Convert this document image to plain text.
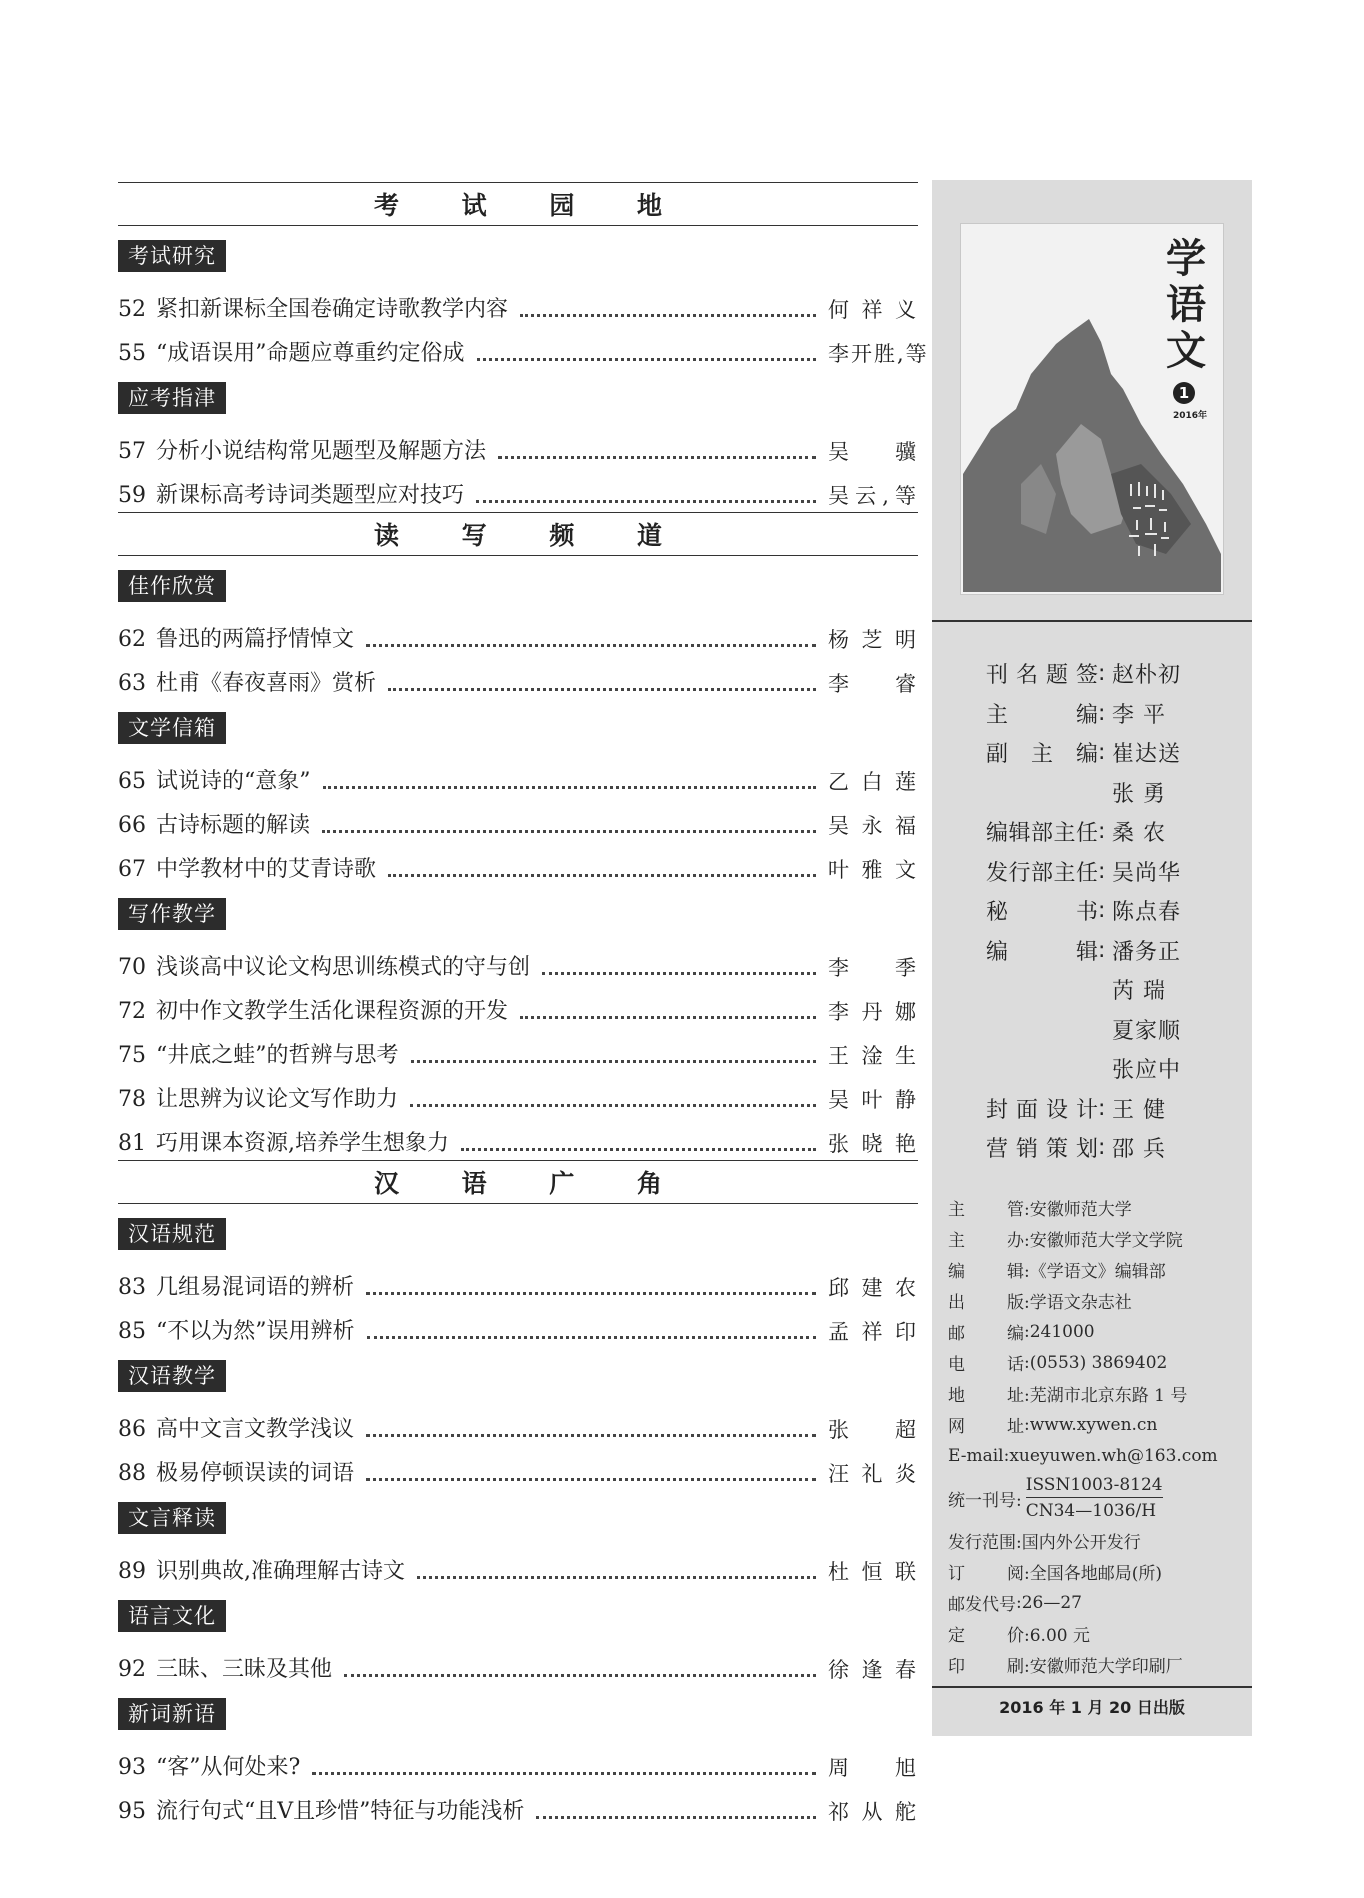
考 试 园 地
考试研究
52 紧扣新课标全国卷确定诗歌教学内容	何祥义
55 “成语误用”命题应尊重约定俗成	李开胜,等
应考指津
57 分析小说结构常见题型及解题方法	吴 骥
59 新课标高考诗词类题型应对技巧	吴云,等
读 写 频 道
佳作欣赏
62 鲁迅的两篇抒情悼文	杨芝明
63 杜甫《春夜喜雨》赏析	李 睿
文学信箱
65 试说诗的“意象”	乙白莲
66 古诗标题的解读	吴永福
67 中学教材中的艾青诗歌	叶雅文
写作教学
70 浅谈高中议论文构思训练模式的守与创	李 季
72 初中作文教学生活化课程资源的开发	李丹娜
75 “井底之蛙”的哲辨与思考	王淦生
78 让思辨为议论文写作助力	吴叶静
81 巧用课本资源,培养学生想象力	张晓艳
汉 语 广 角
汉语规范
83 几组易混词语的辨析	邱建农
85 “不以为然”误用辨析	孟祥印
汉语教学
86 高中文言文教学浅议	张 超
88 极易停顿误读的词语	汪礼炎
文言释读
89 识别典故,准确理解古诗文	杜恒联
语言文化
92 三昧、三昧及其他	徐逢春
新词新语
93 “客”从何处来?	周 旭
95 流行句式“且V且珍惜”特征与功能浅析	祁从舵
学
语
文
1
2016年
刊名题签 : 赵朴初
主编 : 李 平
副主编 : 崔达送
张 勇
编辑部主任 : 桑 农
发行部主任 : 吴尚华
秘书 : 陈点春
编辑 : 潘务正
芮 瑞
夏家顺
张应中
封面设计 : 王 健
营销策划 : 邵 兵
主管 :安徽师范大学
主办 :安徽师范大学文学院
编辑 :《学语文》编辑部
出版 :学语文杂志社
邮编 :241000
电话 :(0553) 3869402
地址 :芜湖市北京东路 1 号
网址 :www.xywen.cn
E-mail: xueyuwen.wh@163.com
统一刊号: $\frac{\text{ISSN1003-8124}}{CN34—1036/H}$
发行范围 :国内外公开发行
订阅 :全国各地邮局(所)
邮发代号 :26—27
定价 :6.00 元
印刷 :安徽师范大学印刷厂
2016 年 1 月 20 日出版
